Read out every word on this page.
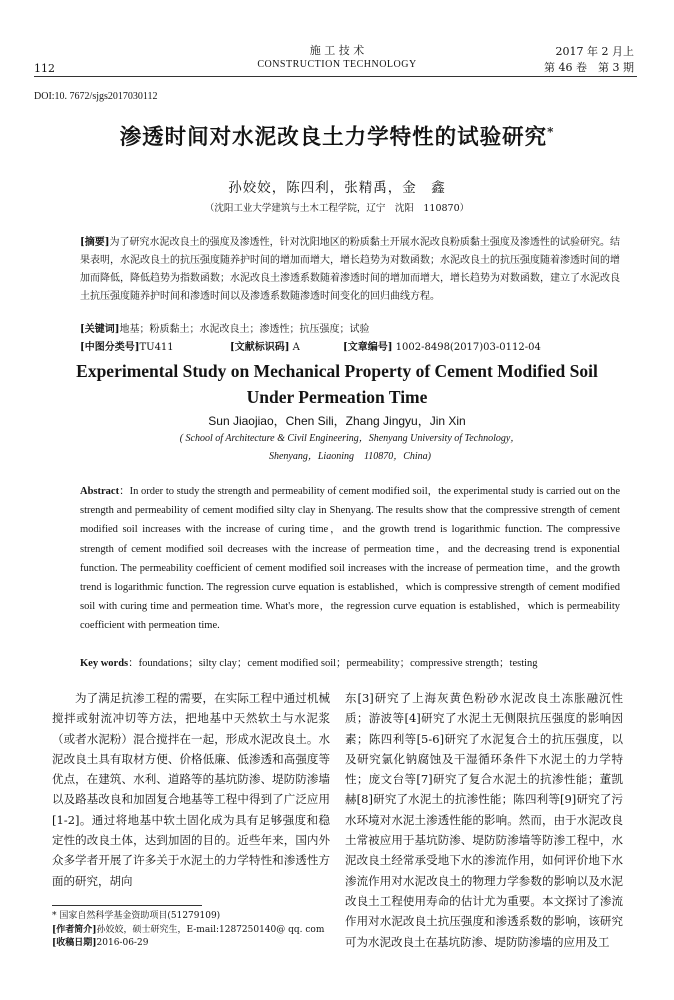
112
施 工 技 术
CONSTRUCTION TECHNOLOGY
2017 年 2 月上
第 46 卷　第 3 期
DOI:10. 7672/sjgs2017030112
渗透时间对水泥改良土力学特性的试验研究*
孙姣姣，陈四利，张精禹，金　鑫
（沈阳工业大学建筑与土木工程学院，辽宁　沈阳　110870）
[摘要]为了研究水泥改良土的强度及渗透性，针对沈阳地区的粉质黏土开展水泥改良粉质黏土强度及渗透性的试验研究。结果表明，水泥改良土的抗压强度随养护时间的增加而增大，增长趋势为对数函数；水泥改良土的抗压强度随着渗透时间的增加而降低，降低趋势为指数函数；水泥改良土渗透系数随着渗透时间的增加而增大，增长趋势为对数函数，建立了水泥改良土抗压强度随养护时间和渗透时间以及渗透系数随渗透时间变化的回归曲线方程。
[关键词]地基；粉质黏土；水泥改良土；渗透性；抗压强度；试验
[中图分类号]TU411	[文献标识码] A	[文章编号] 1002-8498(2017)03-0112-04
Experimental Study on Mechanical Property of Cement Modified Soil
Under Permeation Time
Sun Jiaojiao，Chen Sili，Zhang Jingyu，Jin Xin
( School of Architecture & Civil Engineering，Shenyang University of Technology，
Shenyang，Liaoning　110870，China)
Abstract：In order to study the strength and permeability of cement modified soil，the experimental study is carried out on the strength and permeability of cement modified silty clay in Shenyang. The results show that the compressive strength of cement modified soil increases with the increase of curing time，and the growth trend is logarithmic function. The compressive strength of cement modified soil decreases with the increase of permeation time，and the decreasing trend is exponential function. The permeability coefficient of cement modified soil increases with the increase of permeation time，and the growth trend is logarithmic function. The regression curve equation is established，which is compressive strength of cement modified soil with curing time and permeation time. What's more，the regression curve equation is established，which is permeability coefficient with permeation time.
Key words：foundations；silty clay；cement modified soil；permeability；compressive strength；testing
为了满足抗渗工程的需要，在实际工程中通过机械搅拌或射流冲切等方法，把地基中天然软土与水泥浆（或者水泥粉）混合搅拌在一起，形成水泥改良土。水泥改良土具有取材方便、价格低廉、低渗透和高强度等优点，在建筑、水利、道路等的基坑防渗、堤防防渗墙以及路基改良和加固复合地基等工程中得到了广泛应用[1-2]。通过将地基中软土固化成为具有足够强度和稳定性的改良土体，达到加固的目的。近些年来，国内外众多学者开展了许多关于水泥土的力学特性和渗透性方面的研究，胡向
东[3]研究了上海灰黄色粉砂水泥改良土冻胀融沉性质；游波等[4]研究了水泥土无侧限抗压强度的影响因素；陈四利等[5-6]研究了水泥复合土的抗压强度，以及研究氯化钠腐蚀及干湿循环条件下水泥土的力学特性；庞文台等[7]研究了复合水泥土的抗渗性能；董凯赫[8]研究了水泥土的抗渗性能；陈四利等[9]研究了污水环境对水泥土渗透性能的影响。然而，由于水泥改良土常被应用于基坑防渗、堤防防渗墙等防渗工程中，水泥改良土经常承受地下水的渗流作用，如何评价地下水渗流作用对水泥改良土的物理力学参数的影响以及水泥改良土工程使用寿命的估计尤为重要。本文探讨了渗流作用对水泥改良土抗压强度和渗透系数的影响，该研究可为水泥改良土在基坑防渗、堤防防渗墙的应用及工
* 国家自然科学基金资助项目(51279109)
[作者简介]孙姣姣，硕士研究生，E-mail:1287250140@ qq. com
[收稿日期]2016-06-29
